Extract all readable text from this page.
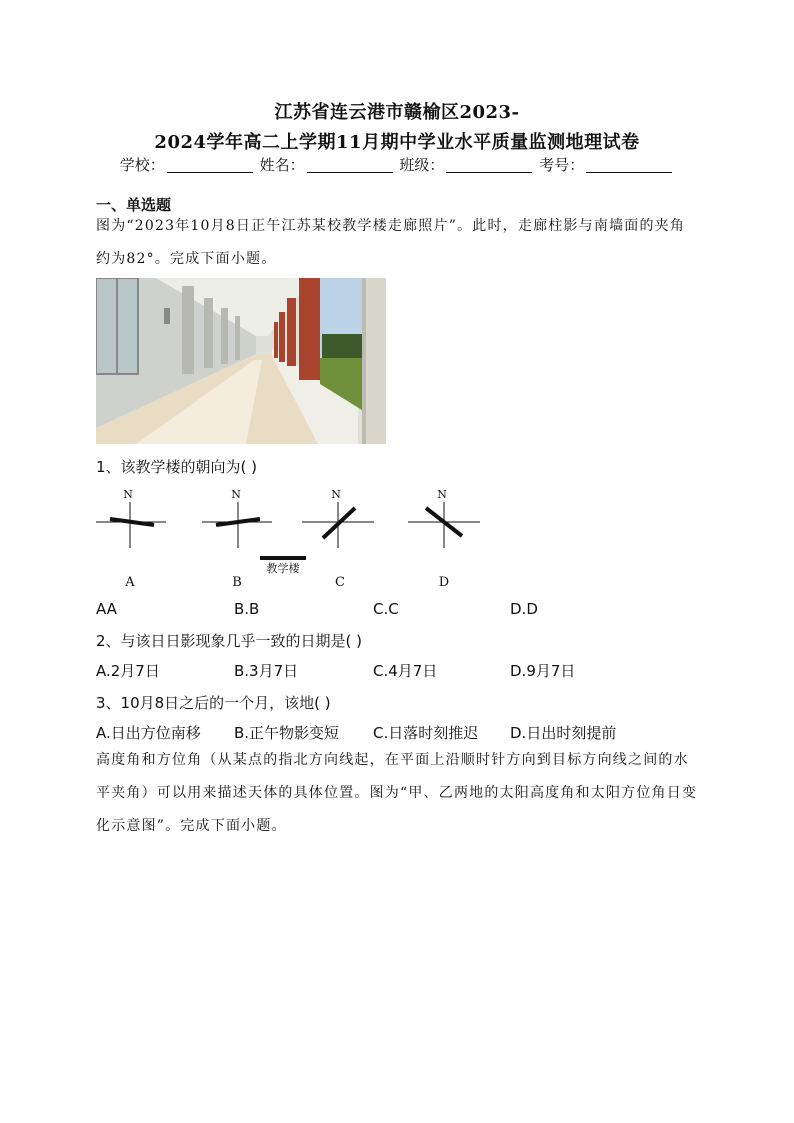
江苏省连云港市赣榆区2023-
2024学年高二上学期11月期中学业水平质量监测地理试卷
学校：	姓名：	班级：	考号：
一、单选题
图为“2023年10月8日正午江苏某校教学楼走廊照片”。此时，走廊柱影与南墙面的夹角约为82°。完成下面小题。
1、该教学楼的朝向为( )
N
A
N
B
N
C
N
D
教学楼
AA	B.B	C.C	D.D
2、与该日日影现象几乎一致的日期是( )
A.2月7日	B.3月7日	C.4月7日	D.9月7日
3、10月8日之后的一个月，该地( )
A.日出方位南移 B.正午物影变短 C.日落时刻推迟 D.日出时刻提前
高度角和方位角（从某点的指北方向线起，在平面上沿顺时针方向到目标方向线之间的水平夹角）可以用来描述天体的具体位置。图为“甲、乙两地的太阳高度角和太阳方位角日变化示意图”。完成下面小题。
